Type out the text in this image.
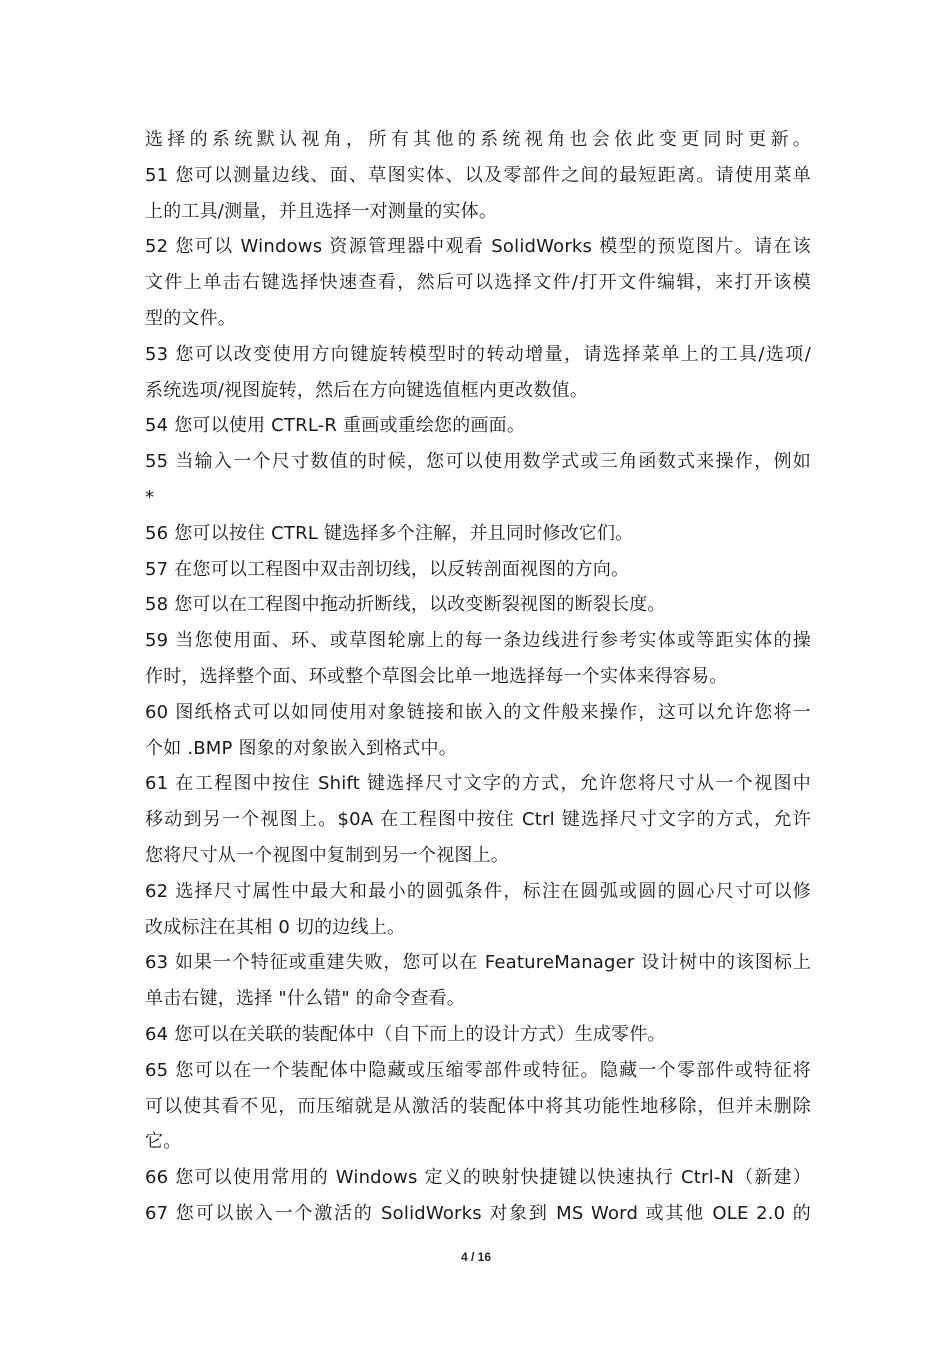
选择的系统默认视角，所有其他的系统视角也会依此变更同时更新。
51 您可以测量边线、面、草图实体、以及零部件之间的最短距离。请使用菜单
上的工具/测量，并且选择一对测量的实体。
52 您可以 Windows 资源管理器中观看 SolidWorks 模型的预览图片。请在该
文件上单击右键选择快速查看，然后可以选择文件/打开文件编辑，来打开该模
型的文件。
53 您可以改变使用方向键旋转模型时的转动增量，请选择菜单上的工具/选项/
系统选项/视图旋转，然后在方向键选值框内更改数值。
54 您可以使用 CTRL-R 重画或重绘您的画面。
55 当输入一个尺寸数值的时候，您可以使用数学式或三角函数式来操作，例如
*
56 您可以按住 CTRL 键选择多个注解，并且同时修改它们。
57 在您可以工程图中双击剖切线，以反转剖面视图的方向。
58 您可以在工程图中拖动折断线，以改变断裂视图的断裂长度。
59 当您使用面、环、或草图轮廓上的每一条边线进行参考实体或等距实体的操
作时，选择整个面、环或整个草图会比单一地选择每一个实体来得容易。
60 图纸格式可以如同使用对象链接和嵌入的文件般来操作，这可以允许您将一
个如 .BMP 图象的对象嵌入到格式中。
61 在工程图中按住 Shift 键选择尺寸文字的方式，允许您将尺寸从一个视图中
移动到另一个视图上。$0A 在工程图中按住 Ctrl 键选择尺寸文字的方式，允许
您将尺寸从一个视图中复制到另一个视图上。
62 选择尺寸属性中最大和最小的圆弧条件，标注在圆弧或圆的圆心尺寸可以修
改成标注在其相 0 切的边线上。
63 如果一个特征或重建失败，您可以在 FeatureManager 设计树中的该图标上
单击右键，选择 "什么错" 的命令查看。
64 您可以在关联的装配体中（自下而上的设计方式）生成零件。
65 您可以在一个装配体中隐藏或压缩零部件或特征。隐藏一个零部件或特征将
可以使其看不见，而压缩就是从激活的装配体中将其功能性地移除，但并未删除
它。
66 您可以使用常用的 Windows 定义的映射快捷键以快速执行 Ctrl-N（新建）
67 您可以嵌入一个激活的 SolidWorks 对象到 MS Word 或其他 OLE 2.0 的
4 / 16
